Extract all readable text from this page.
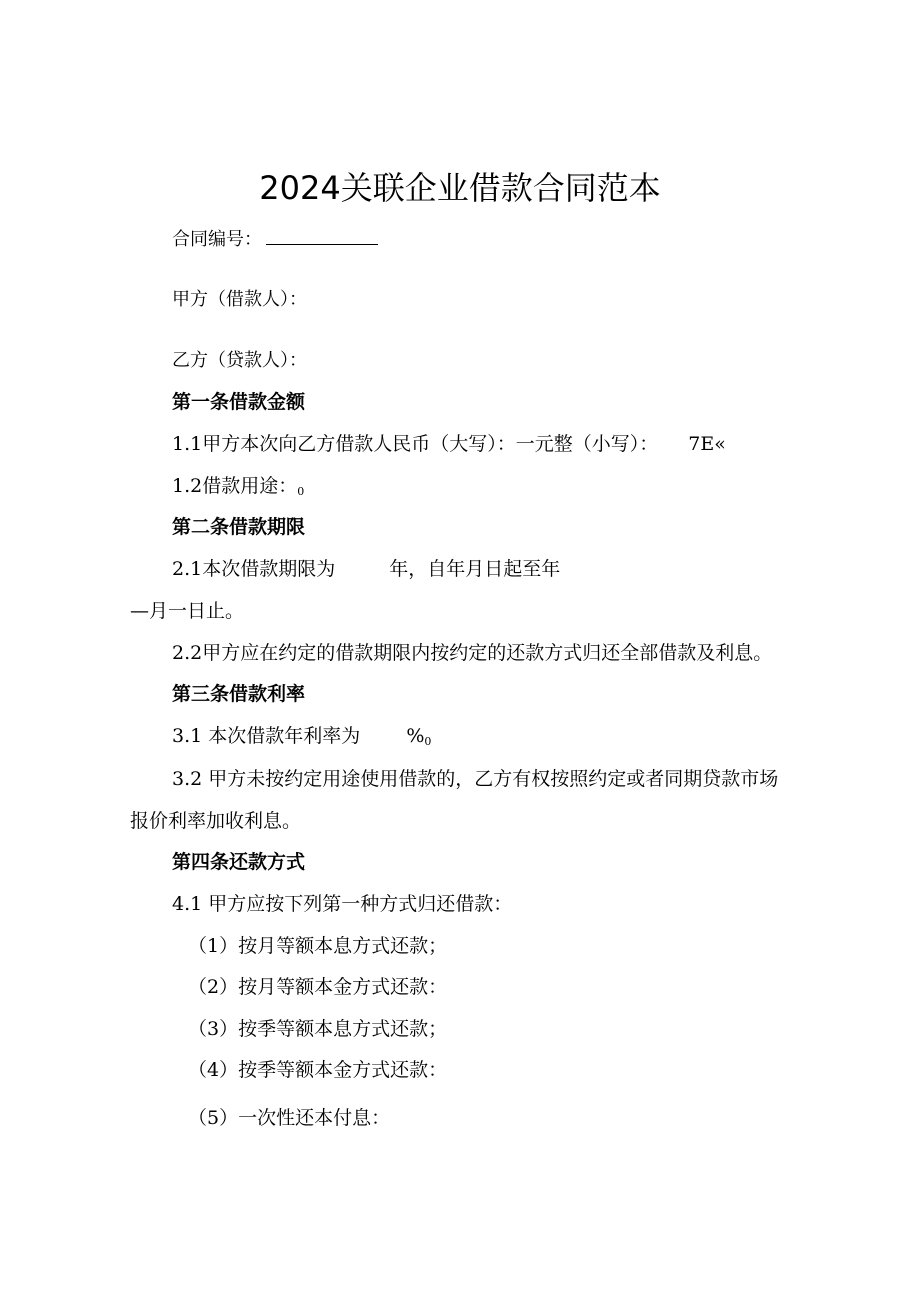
2024关联企业借款合同范本
合同编号：
甲方（借款人）：
乙方（贷款人）：
第一条借款金额
1.1甲方本次向乙方借款人民币（大写）：一元整（小写）： 7E«
1.2借款用途：0
第二条借款期限
2.1本次借款期限为	年，自年月日起至年
—月一日止。
2.2甲方应在约定的借款期限内按约定的还款方式归还全部借款及利息。
第三条借款利率
3.1 本次借款年利率为 %0
3.2 甲方未按约定用途使用借款的，乙方有权按照约定或者同期贷款市场
报价利率加收利息。
第四条还款方式
4.1 甲方应按下列第一种方式归还借款：
（1）按月等额本息方式还款；
（2）按月等额本金方式还款：
（3）按季等额本息方式还款；
（4）按季等额本金方式还款：
（5）一次性还本付息：
